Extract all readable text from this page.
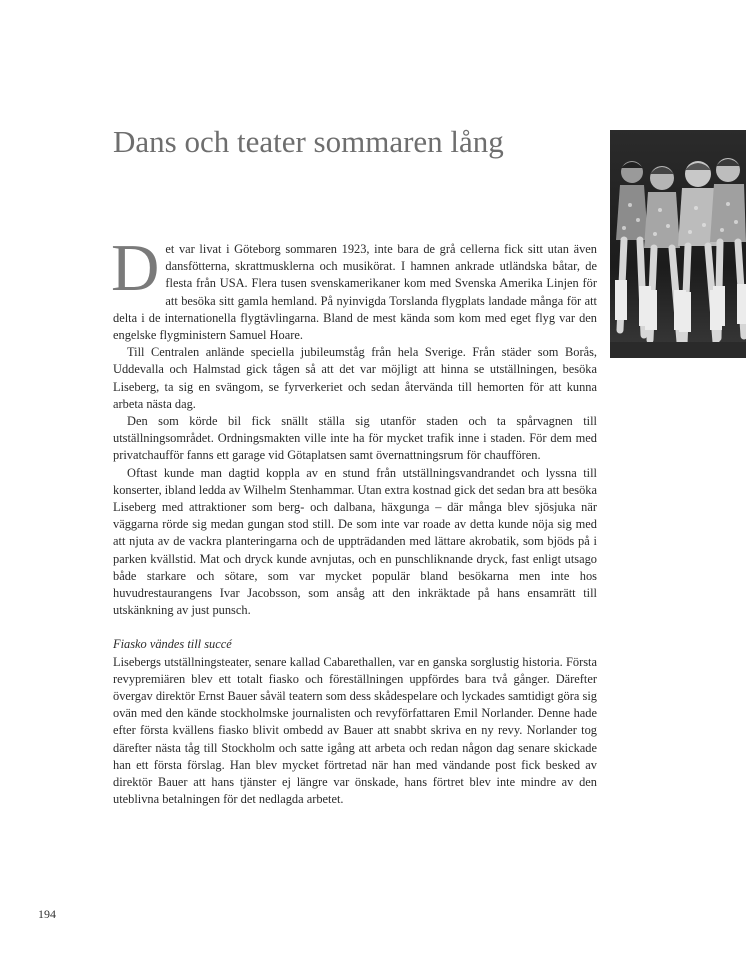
Dans och teater sommaren lång

Det var livat i Göteborg sommaren 1923, inte bara de grå cellerna fick sitt utan även dansfötterna, skrattmusklerna och musikörat. I hamnen ankrade utländska båtar, de flesta från USA. Flera tusen svenskamerikaner kom med Svenska Amerika Linjen för att besöka sitt gamla hemland. På nyinvigda Torslanda flygplats landade många för att delta i de internationella flygtävlingarna. Bland de mest kända som kom med eget flyg var den engelske flygministern Samuel Hoare.

Till Centralen anlände speciella jubileumståg från hela Sverige. Från städer som Borås, Uddevalla och Halmstad gick tågen så att det var möjligt att hinna se utställningen, besöka Liseberg, ta sig en svängom, se fyrverkeriet och sedan återvända till hemorten för att kunna arbeta nästa dag.

Den som körde bil fick snällt ställa sig utanför staden och ta spårvagnen till utställningsområdet. Ordningsmakten ville inte ha för mycket trafik inne i staden. För dem med privatchaufför fanns ett garage vid Götaplatsen samt övernattningsrum för chauffören.

Oftast kunde man dagtid koppla av en stund från utställningsvandrandet och lyssna till konserter, ibland ledda av Wilhelm Stenhammar. Utan extra kostnad gick det sedan bra att besöka Liseberg med attraktioner som berg- och dalbana, häxgunga – där många blev sjösjuka när väggarna rörde sig medan gungan stod still. De som inte var roade av detta kunde nöja sig med att njuta av de vackra planteringarna och de uppträdanden med lättare akrobatik, som bjöds på i parken kvällstid. Mat och dryck kunde avnjutas, och en punschliknande dryck, fast enligt utsago både starkare och sötare, som var mycket populär bland besökarna men inte hos huvudrestaurangens Ivar Jacobsson, som ansåg att den inkräktade på hans ensamrätt till utskänkning av just punsch.

Fiasko vändes till succé

Lisebergs utställningsteater, senare kallad Cabarethallen, var en ganska sorglustig historia. Första revypremiären blev ett totalt fiasko och föreställningen uppfördes bara två gånger. Därefter övergav direktör Ernst Bauer såväl teatern som dess skådespelare och lyckades samtidigt göra sig ovän med den kände stockholmske journalisten och revyförfattaren Emil Norlander. Denne hade efter första kvällens fiasko blivit ombedd av Bauer att snabbt skriva en ny revy. Norlander tog därefter nästa tåg till Stockholm och satte igång att arbeta och redan någon dag senare skickade han ett första förslag. Han blev mycket förtretad när han med vändande post fick besked av direktör Bauer att hans tjänster ej längre var önskade, hans förtret blev inte mindre av den uteblivna betalningen för det nedlagda arbetet.

194
